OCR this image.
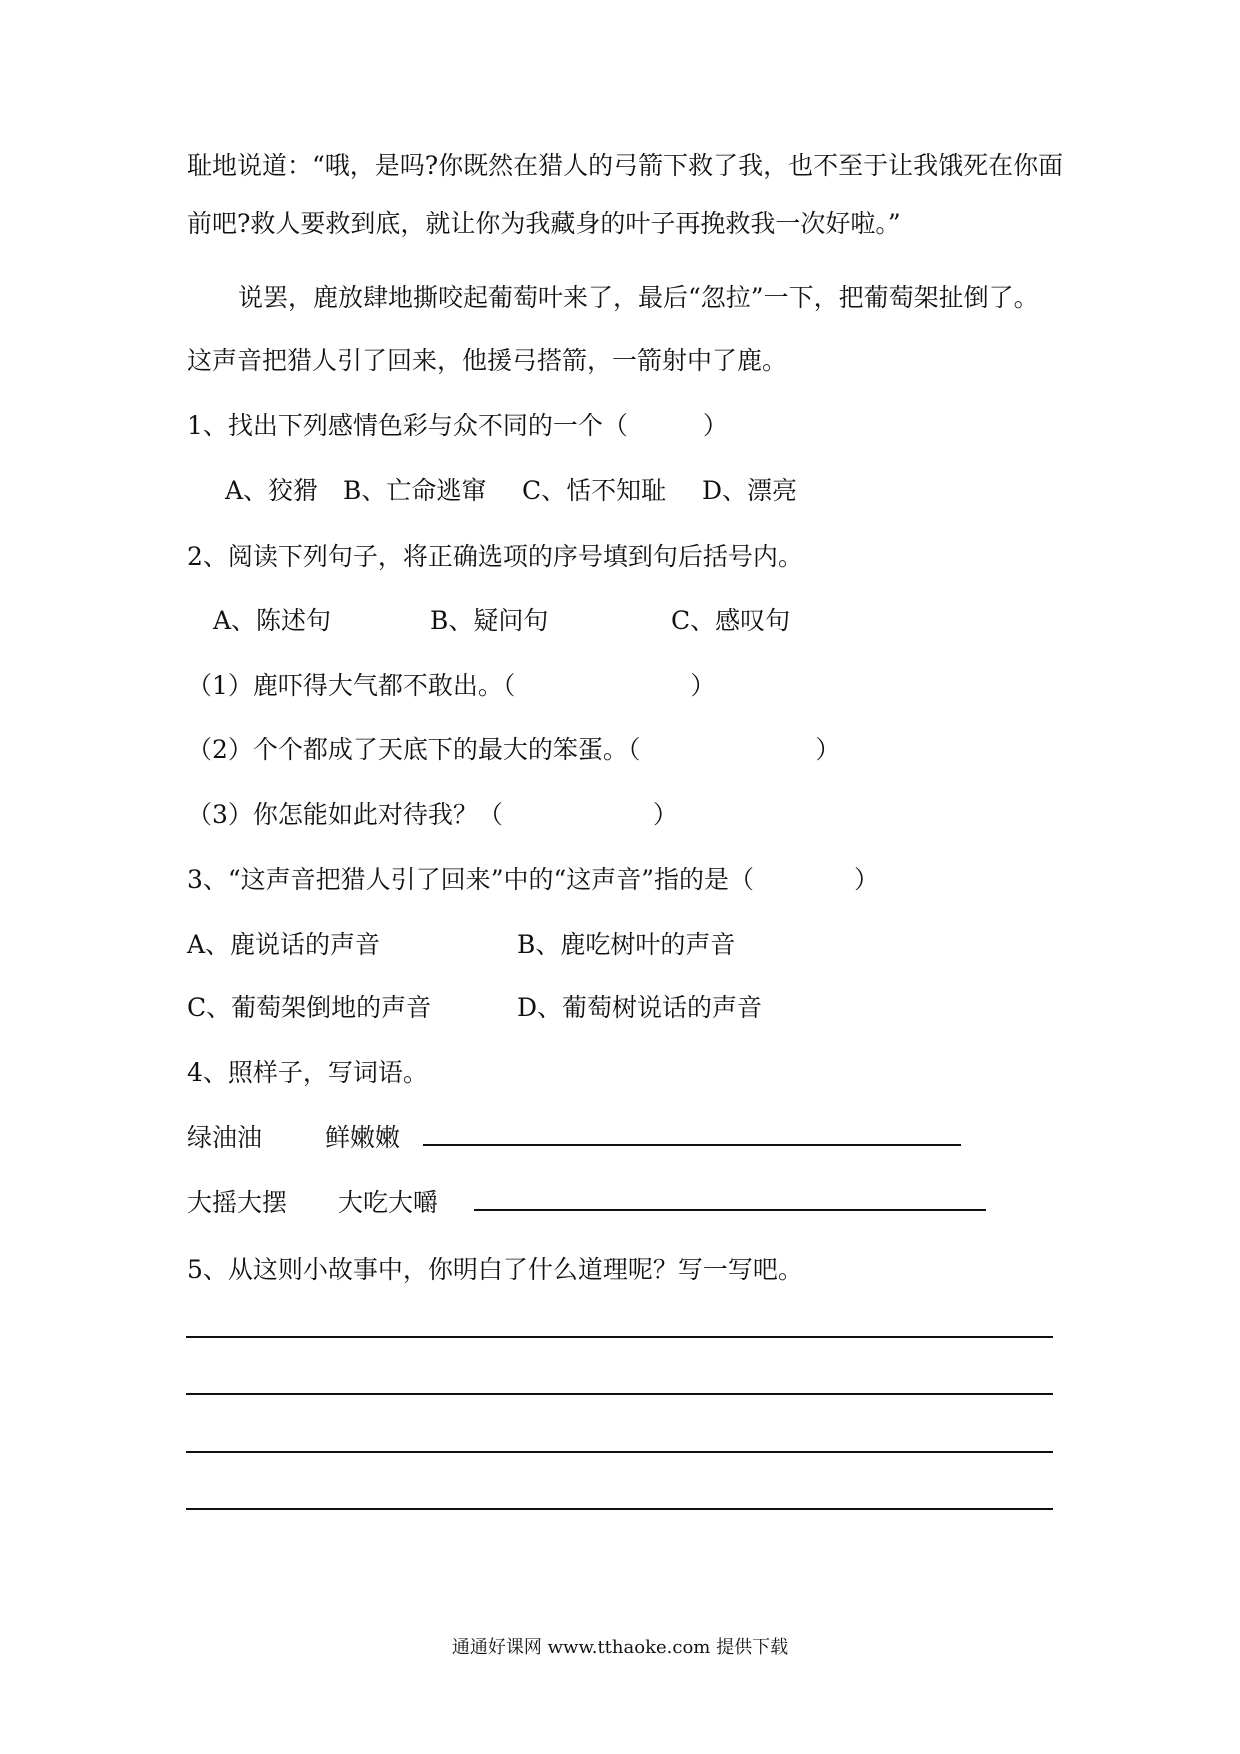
耻地说道：“哦，是吗?你既然在猎人的弓箭下救了我，也不至于让我饿死在你面
前吧?救人要救到底，就让你为我藏身的叶子再挽救我一次好啦。”
说罢，鹿放肆地撕咬起葡萄叶来了，最后“忽拉”一下，把葡萄架扯倒了。
这声音把猎人引了回来，他援弓搭箭，一箭射中了鹿。
1、找出下列感情色彩与众不同的一个（　　　）
A、狡猾 B、亡命逃窜 C、恬不知耻 D、漂亮
2、阅读下列句子，将正确选项的序号填到句后括号内。
A、陈述句	B、疑问句	C、感叹句
（1）鹿吓得大气都不敢出。（　　　　　　　）
（2）个个都成了天底下的最大的笨蛋。（　　　　　　　）
（3）你怎能如此对待我？（　　　　　　）
3、“这声音把猎人引了回来”中的“这声音”指的是（　　　　）
A、鹿说话的声音	B、鹿吃树叶的声音
C、葡萄架倒地的声音	D、葡萄树说话的声音
4、照样子，写词语。
绿油油	鲜嫩嫩
大摇大摆 大吃大嚼
5、从这则小故事中，你明白了什么道理呢？写一写吧。
通通好课网 www.tthaoke.com 提供下载
